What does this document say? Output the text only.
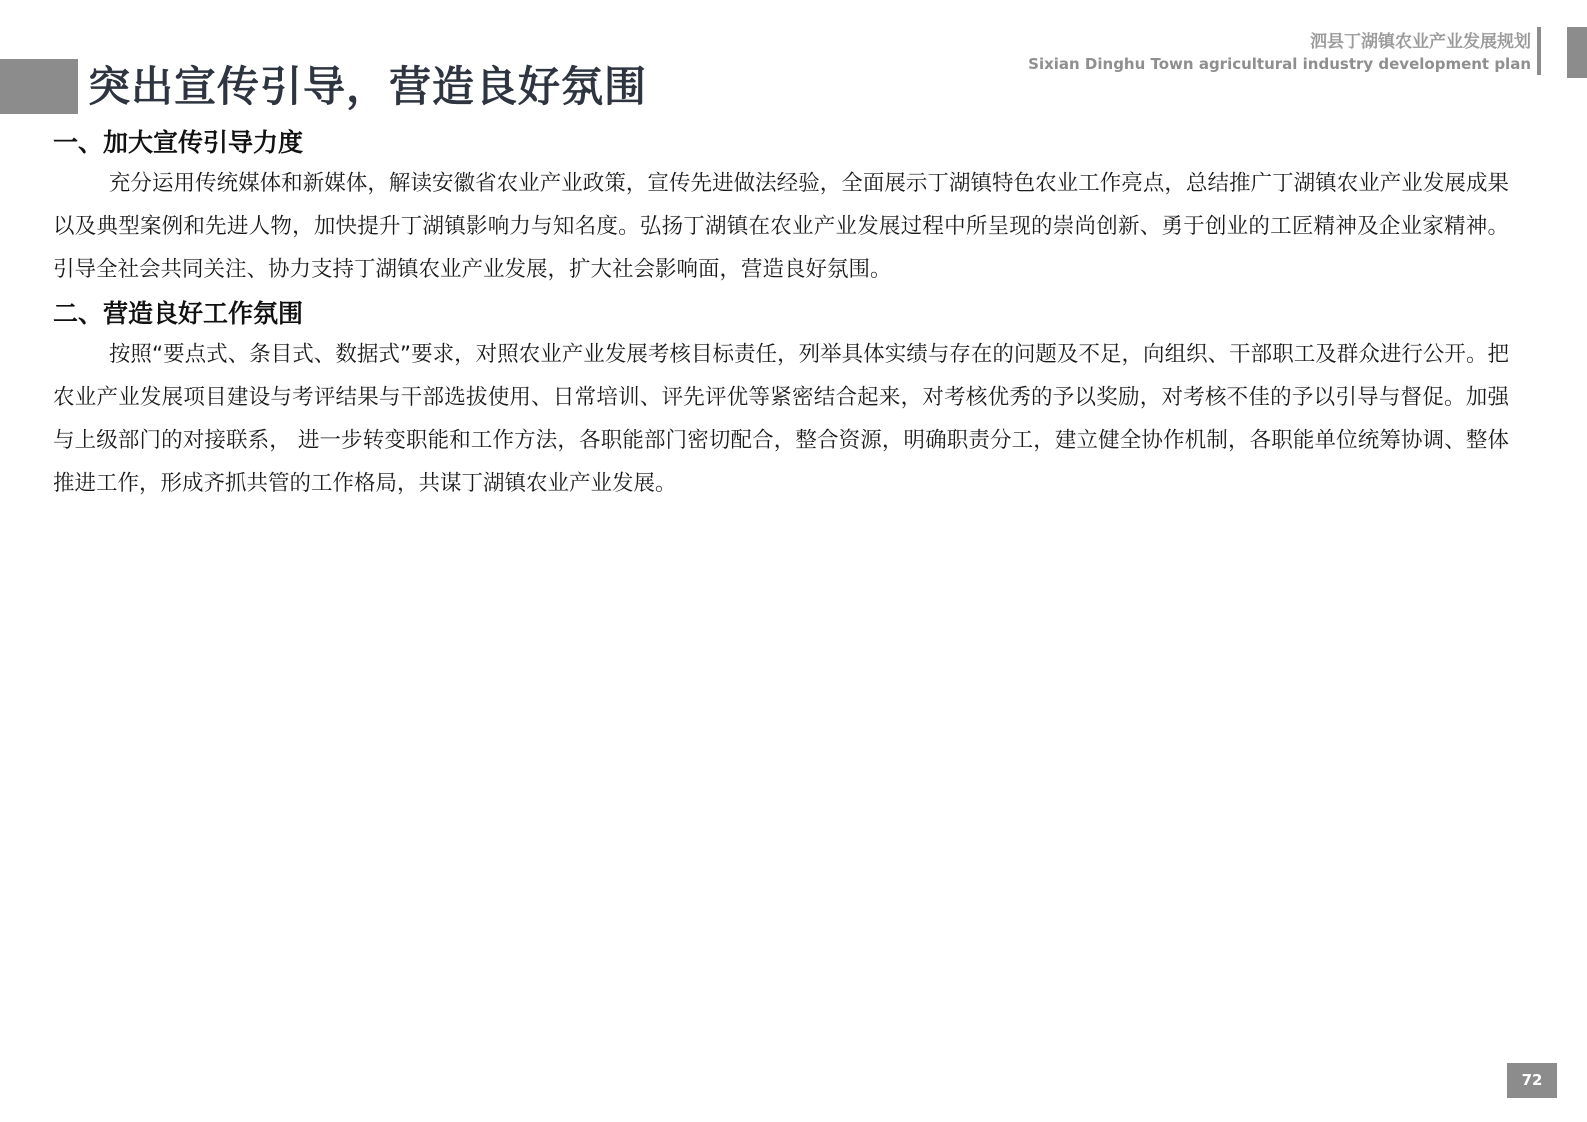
突出宣传引导，营造良好氛围
泗县丁湖镇农业产业发展规划
Sixian Dinghu Town agricultural industry development plan
一、加大宣传引导力度

充分运用传统媒体和新媒体，解读安徽省农业产业政策，宣传先进做法经验，全面展示丁湖镇特色农业工作亮点，总结推广丁湖镇农业产业发展成果以及典型案例和先进人物，加快提升丁湖镇影响力与知名度。弘扬丁湖镇在农业产业发展过程中所呈现的崇尚创新、勇于创业的工匠精神及企业家精神。引导全社会共同关注、协力支持丁湖镇农业产业发展，扩大社会影响面，营造良好氛围。

二、营造良好工作氛围

按照“要点式、条目式、数据式”要求，对照农业产业发展考核目标责任，列举具体实绩与存在的问题及不足，向组织、干部职工及群众进行公开。把农业产业发展项目建设与考评结果与干部选拔使用、日常培训、评先评优等紧密结合起来，对考核优秀的予以奖励，对考核不佳的予以引导与督促。加强与上级部门的对接联系， 进一步转变职能和工作方法，各职能部门密切配合，整合资源，明确职责分工，建立健全协作机制，各职能单位统筹协调、整体推进工作，形成齐抓共管的工作格局，共谋丁湖镇农业产业发展。

72
